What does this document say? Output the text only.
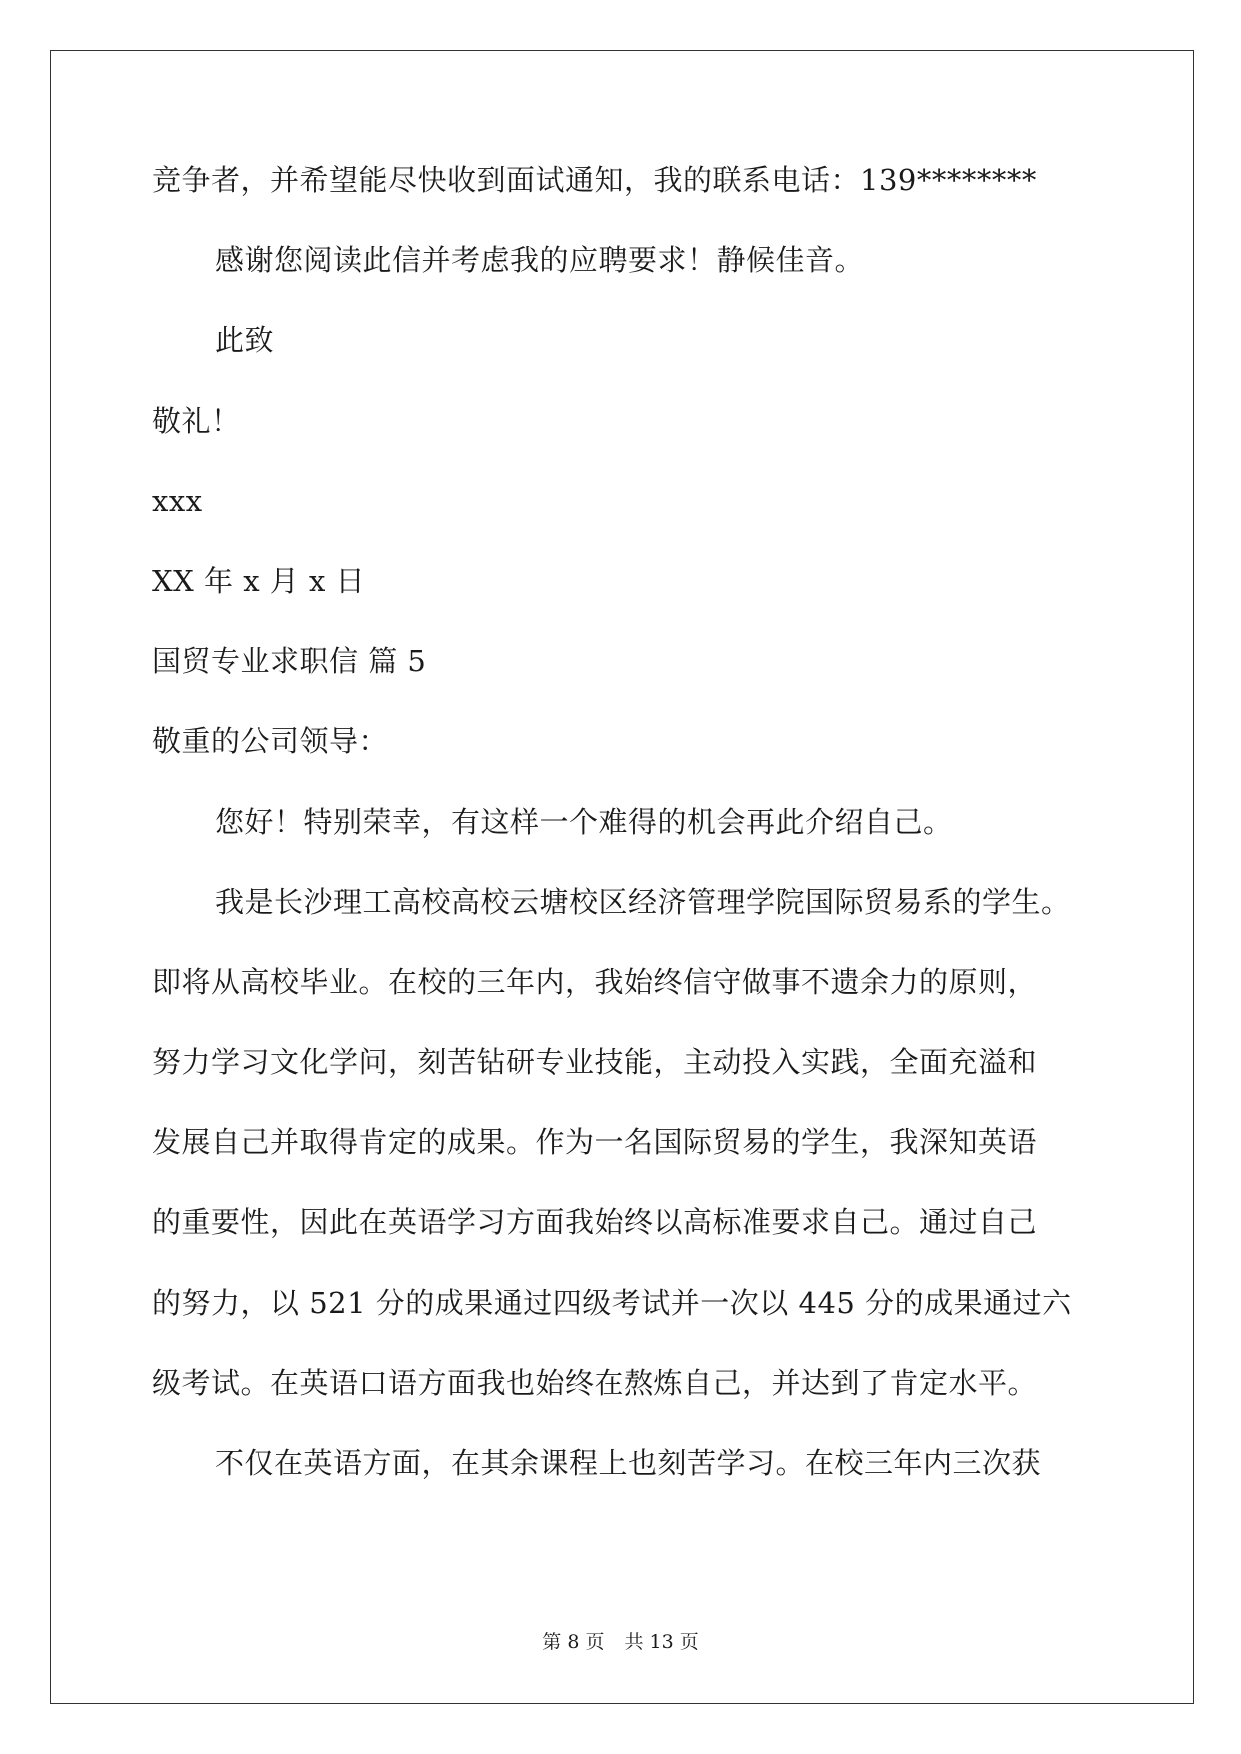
竞争者，并希望能尽快收到面试通知，我的联系电话：139********
感谢您阅读此信并考虑我的应聘要求！静候佳音。
此致
敬礼！
xxx
XX 年 x 月 x 日
国贸专业求职信 篇 5
敬重的公司领导：
您好！特别荣幸，有这样一个难得的机会再此介绍自己。
我是长沙理工高校高校云塘校区经济管理学院国际贸易系的学生。
即将从高校毕业。在校的三年内，我始终信守做事不遗余力的原则，
努力学习文化学问，刻苦钻研专业技能，主动投入实践，全面充溢和
发展自己并取得肯定的成果。作为一名国际贸易的学生，我深知英语
的重要性，因此在英语学习方面我始终以高标准要求自己。通过自己
的努力，以 521 分的成果通过四级考试并一次以 445 分的成果通过六
级考试。在英语口语方面我也始终在熬炼自己，并达到了肯定水平。
不仅在英语方面，在其余课程上也刻苦学习。在校三年内三次获
第 8 页 共 13 页
